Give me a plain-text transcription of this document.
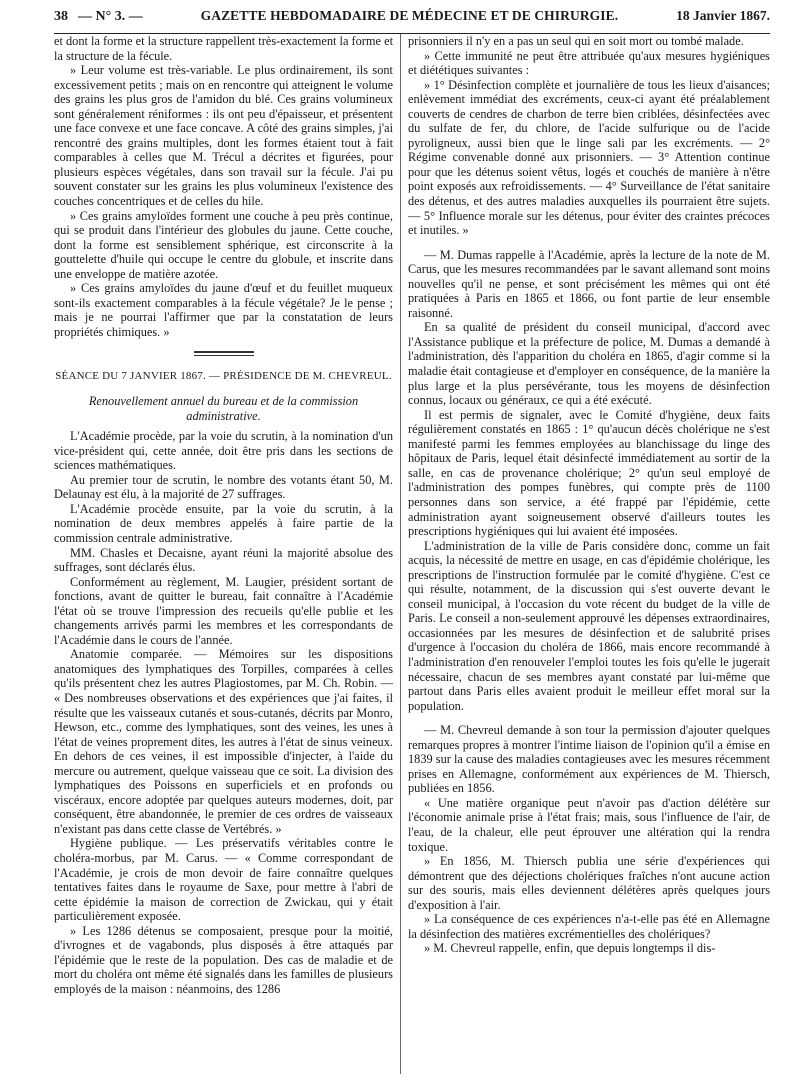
38 — N° 3. —	GAZETTE HEBDOMADAIRE DE MÉDECINE ET DE CHIRURGIE.	18 Janvier 1867.

et dont la forme et la structure rappellent très-exactement la forme et la structure de la fécule.

» Leur volume est très-variable. Le plus ordinairement, ils sont excessivement petits ; mais on en rencontre qui atteignent le volume des grains les plus gros de l'amidon du blé. Ces grains volumineux sont généralement réniformes : ils ont peu d'épaisseur, et présentent une face convexe et une face concave. A côté des grains simples, j'ai rencontré des grains multiples, dont les formes étaient tout à fait comparables à celles que M. Trécul a décrites et figurées, pour plusieurs espèces végétales, dans son travail sur la fécule. J'ai pu souvent constater sur les grains les plus volumineux l'existence des couches concentriques et de celles du hile.

» Ces grains amyloïdes forment une couche à peu près continue, qui se produit dans l'intérieur des globules du jaune. Cette couche, dont la forme est sensiblement sphérique, est circonscrite à la gouttelette d'huile qui occupe le centre du globule, et inscrite dans une enveloppe de matière azotée.

» Ces grains amyloïdes du jaune d'œuf et du feuillet muqueux sont-ils exactement comparables à la fécule végétale? Je le pense ; mais je ne pourrai l'affirmer que par la constatation de leurs propriétés chimiques. »

SÉANCE DU 7 JANVIER 1867. — PRÉSIDENCE DE M. CHEVREUL.
Renouvellement annuel du bureau et de la commission administrative.

L'Académie procède, par la voie du scrutin, à la nomination d'un vice-président qui, cette année, doit être pris dans les sections de sciences mathématiques.

Au premier tour de scrutin, le nombre des votants étant 50, M. Delaunay est élu, à la majorité de 27 suffrages.

L'Académie procède ensuite, par la voie du scrutin, à la nomination de deux membres appelés à faire partie de la commission centrale administrative.

MM. Chasles et Decaisne, ayant réuni la majorité absolue des suffrages, sont déclarés élus.

Conformément au règlement, M. Laugier, président sortant de fonctions, avant de quitter le bureau, fait connaître à l'Académie l'état où se trouve l'impression des recueils qu'elle publie et les changements arrivés parmi les membres et les correspondants de l'Académie dans le cours de l'année.

Anatomie comparée. — Mémoires sur les dispositions anatomiques des lymphatiques des Torpilles, comparées à celles qu'ils présentent chez les autres Plagiostomes, par M. Ch. Robin. — « Des nombreuses observations et des expériences que j'ai faites, il résulte que les vaisseaux cutanés et sous-cutanés, décrits par Monro, Hewson, etc., comme des lymphatiques, sont des veines, les unes à l'état de veines proprement dites, les autres à l'état de sinus veineux. En dehors de ces veines, il est impossible d'injecter, à l'aide du mercure ou autrement, quelque vaisseau que ce soit. La division des lymphatiques des Poissons en superficiels et en profonds ou viscéraux, encore adoptée par quelques auteurs modernes, doit, par conséquent, être abandonnée, le premier de ces ordres de vaisseaux n'existant pas dans cette classe de Vertébrés. »

Hygiène publique. — Les préservatifs véritables contre le choléra-morbus, par M. Carus. — « Comme correspondant de l'Académie, je crois de mon devoir de faire connaître quelques tentatives faites dans le royaume de Saxe, pour mettre à l'abri de cette épidémie la maison de correction de Zwickau, qui y était particulièrement exposée.

» Les 1286 détenus se composaient, presque pour la moitié, d'ivrognes et de vagabonds, plus disposés à être attaqués par l'épidémie que le reste de la population. Des cas de maladie et de mort du choléra ont même été signalés dans les familles de plusieurs employés de la maison : néanmoins, des 1286

prisonniers il n'y en a pas un seul qui en soit mort ou tombé malade.

» Cette immunité ne peut être attribuée qu'aux mesures hygiéniques et diététiques suivantes :

» 1° Désinfection complète et journalière de tous les lieux d'aisances; enlèvement immédiat des excréments, ceux-ci ayant été préalablement couverts de cendres de charbon de terre bien criblées, désinfectées avec du sulfate de fer, du chlore, de l'acide sulfurique ou de l'acide pyroligneux, aussi bien que le linge sali par les excréments. — 2° Régime convenable donné aux prisonniers. — 3° Attention continue pour que les détenus soient vêtus, logés et couchés de manière à n'être point exposés aux refroidissements. — 4° Surveillance de l'état sanitaire des détenus, et des autres maladies auxquelles ils pourraient être sujets. — 5° Influence morale sur les détenus, pour éviter des craintes précoces et inutiles. »

— M. Dumas rappelle à l'Académie, après la lecture de la note de M. Carus, que les mesures recommandées par le savant allemand sont moins nouvelles qu'il ne pense, et sont précisément les mêmes qui ont été pratiquées à Paris en 1865 et 1866, ou font partie de leur ensemble raisonné.

En sa qualité de président du conseil municipal, d'accord avec l'Assistance publique et la préfecture de police, M. Dumas a demandé à l'administration, dès l'apparition du choléra en 1865, d'agir comme si la maladie était contagieuse et d'employer en conséquence, de la manière la plus large et la plus persévérante, tous les moyens de désinfection connus, locaux ou généraux, ce qui a été exécuté.

Il est permis de signaler, avec le Comité d'hygiène, deux faits régulièrement constatés en 1865 : 1° qu'aucun décès cholérique ne s'est manifesté parmi les femmes employées au blanchissage du linge des hôpitaux de Paris, lequel était désinfecté immédiatement au sortir de la salle, en cas de provenance cholérique; 2° qu'un seul employé de l'administration des pompes funèbres, qui compte près de 1100 personnes dans son service, a été frappé par l'épidémie, cette administration ayant soigneusement observé d'ailleurs toutes les prescriptions hygiéniques qui lui avaient été imposées.

L'administration de la ville de Paris considère donc, comme un fait acquis, la nécessité de mettre en usage, en cas d'épidémie cholérique, les prescriptions de l'instruction formulée par le comité d'hygiène. C'est ce qui résulte, notamment, de la discussion qui s'est ouverte devant le conseil municipal, à l'occasion du vote récent du budget de la ville de Paris. Le conseil a non-seulement approuvé les dépenses extraordinaires, occasionnées par les mesures de désinfection et de salubrité prises d'urgence à l'occasion du choléra de 1866, mais encore recommandé à l'administration d'en renouveler l'emploi toutes les fois qu'elle le jugerait nécessaire, chacun de ses membres ayant constaté par lui-même que partout dans Paris elles avaient produit le meilleur effet moral sur la population.

— M. Chevreul demande à son tour la permission d'ajouter quelques remarques propres à montrer l'intime liaison de l'opinion qu'il a émise en 1839 sur la cause des maladies contagieuses avec les mesures récemment prises en Allemagne, conformément aux expériences de M. Thiersch, publiées en 1856.

« Une matière organique peut n'avoir pas d'action délétère sur l'économie animale prise à l'état frais; mais, sous l'influence de l'air, de l'eau, de la chaleur, elle peut éprouver une altération qui la rendra toxique.

» En 1856, M. Thiersch publia une série d'expériences qui démontrent que des déjections cholériques fraîches n'ont aucune action sur des souris, mais elles deviennent délétères après quelques jours d'exposition à l'air.

» La conséquence de ces expériences n'a-t-elle pas été en Allemagne la désinfection des matières excrémentielles des cholériques?

» M. Chevreul rappelle, enfin, que depuis longtemps il dis-
